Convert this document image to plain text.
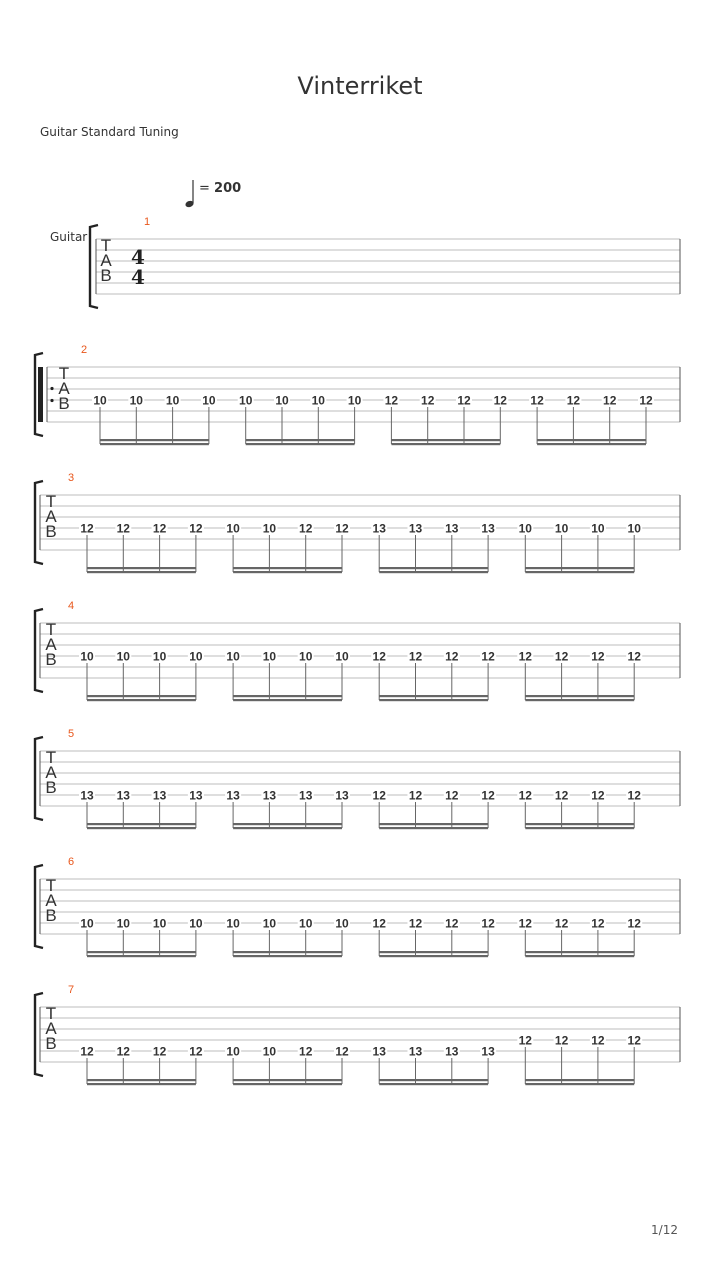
Vinterriket
Guitar Standard Tuning
= 200
Guitar T
A
B
1
4
4
T
A
B
2
10 10 10 10 10 10 10 10 12 12 12 12 12 12 12 12
T
A
B
3
12 12 12 12 10 10 12 12 13 13 13 13 10 10 10 10
T
A
B
4
10 10 10 10 10 10 10 10 12 12 12 12 12 12 12 12
T
A
B
5
13 13 13 13 13 13 13 13 12 12 12 12 12 12 12 12
T
A
B
6
10 10 10 10 10 10 10 10 12 12 12 12 12 12 12 12
T
A
B
7
12 12 12 12 10 10 12 12 13 13 13 13
12 12 12 12
1/12
